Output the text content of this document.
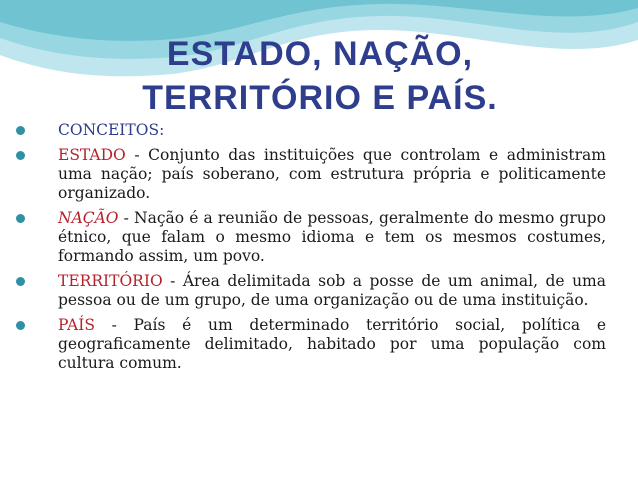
ESTADO, NAÇÃO,
TERRITÓRIO E PAÍS.
CONCEITOS:
ESTADO - Conjunto das instituições que controlam e administram uma nação; país soberano, com estrutura própria e politicamente organizado.
NAÇÃO - Nação é a reunião de pessoas, geralmente do mesmo grupo étnico, que falam o mesmo idioma e tem os mesmos costumes, formando assim, um povo.
TERRITÓRIO - Área delimitada sob a posse de um animal, de uma pessoa ou de um grupo, de uma organização ou de uma instituição.
PAÍS - País é um determinado território social, política e geograficamente delimitado, habitado por uma população com cultura comum.
